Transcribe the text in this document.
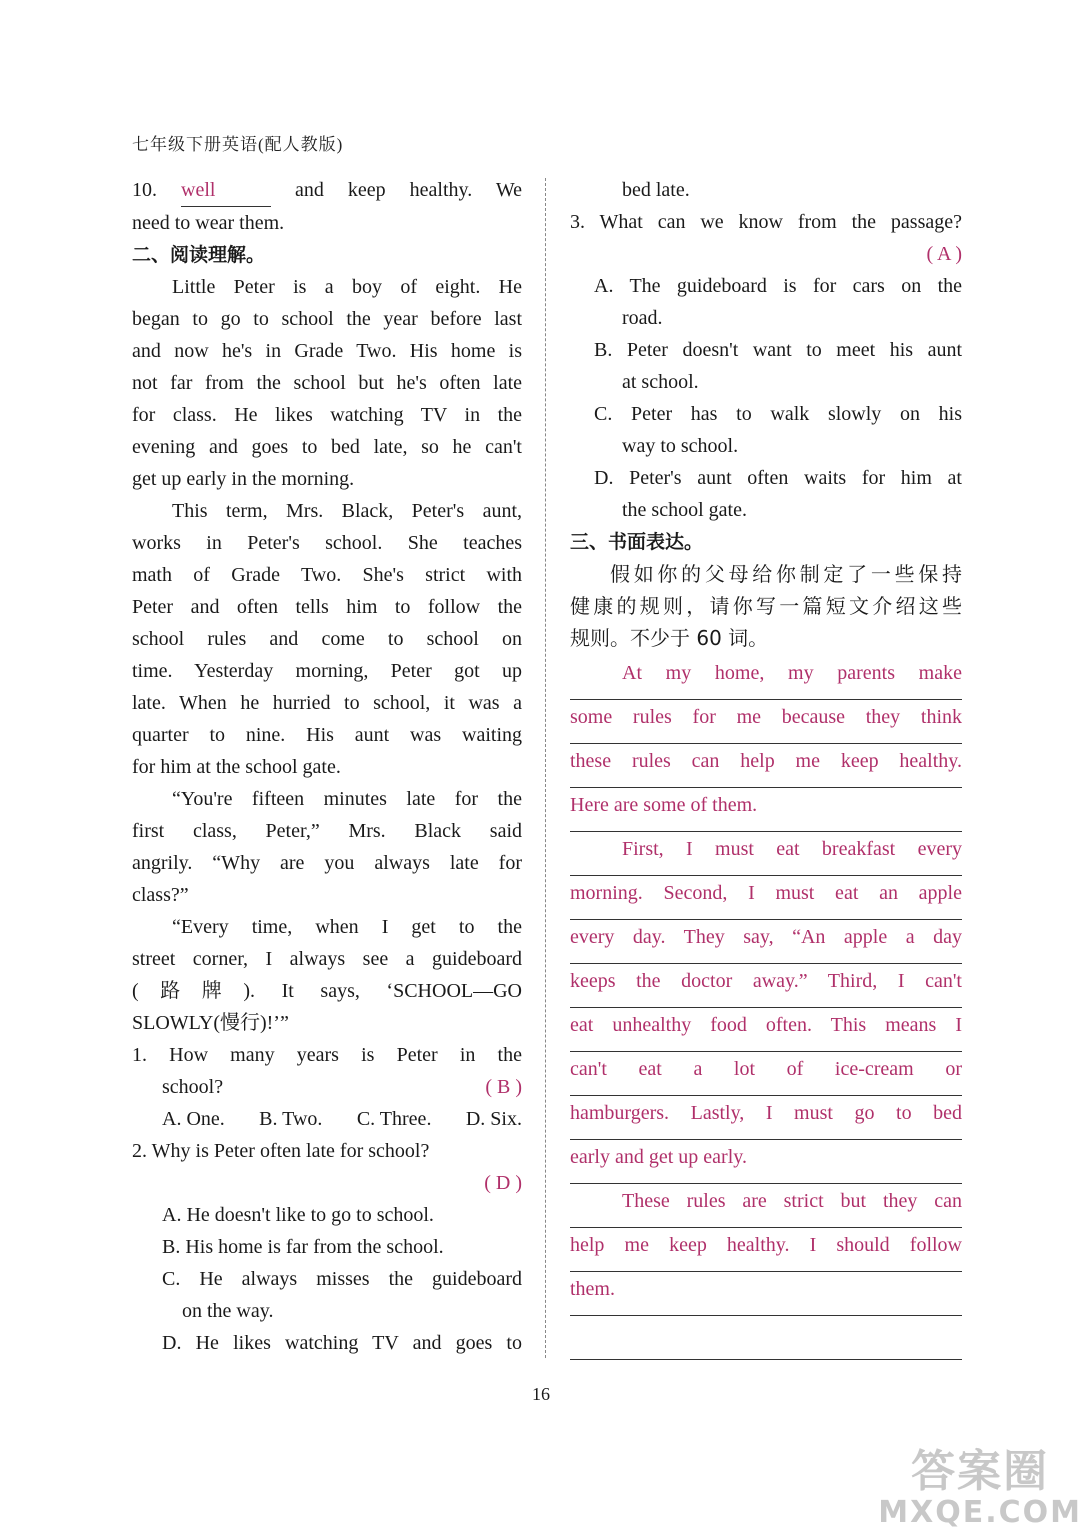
七年级下册英语(配人教版)
10. well	and keep healthy. We
need to wear them.
二、阅读理解。
Little Peter is a boy of eight. He
began to go to school the year before last
and now he's in Grade Two. His home is
not far from the school but he's often late
for class. He likes watching TV in the
evening and goes to bed late, so he can't
get up early in the morning.
This term, Mrs. Black, Peter's aunt,
works in Peter's school. She teaches
math of Grade Two. She's strict with
Peter and often tells him to follow the
school rules and come to school on
time. Yesterday morning, Peter got up
late. When he hurried to school, it was a
quarter to nine. His aunt was waiting
for him at the school gate.
“You're fifteen minutes late for the
first class, Peter,” Mrs. Black said
angrily. “Why are you always late for
class?”
“Every time, when I get to the
street corner, I always see a guideboard
(路牌). It says, ‘SCHOOL—GO
SLOWLY(慢行)!’”
1. How many years is Peter in the
school?	( B )
A. One. B. Two. C. Three. D. Six.
2. Why is Peter often late for school?
( D )
A. He doesn't like to go to school.
B. His home is far from the school.
C. He always misses the guideboard
on the way.
D. He likes watching TV and goes to
bed late.
3. What can we know from the passage?
( A )
A. The guideboard is for cars on the
road.
B. Peter doesn't want to meet his aunt
at school.
C. Peter has to walk slowly on his
way to school.
D. Peter's aunt often waits for him at
the school gate.
三、书面表达。
假如你的父母给你制定了一些保持
健康的规则，请你写一篇短文介绍这些
规则。不少于 60 词。
At my home, my parents make
some rules for me because they think
these rules can help me keep healthy.
Here are some of them.
First, I must eat breakfast every
morning. Second, I must eat an apple
every day. They say, “An apple a day
keeps the doctor away.” Third, I can't
eat unhealthy food often. This means I
can't eat a lot of ice-cream or
hamburgers. Lastly, I must go to bed
early and get up early.
These rules are strict but they can
help me keep healthy. I should follow
them.
16
答案圈
MXQE.COM
